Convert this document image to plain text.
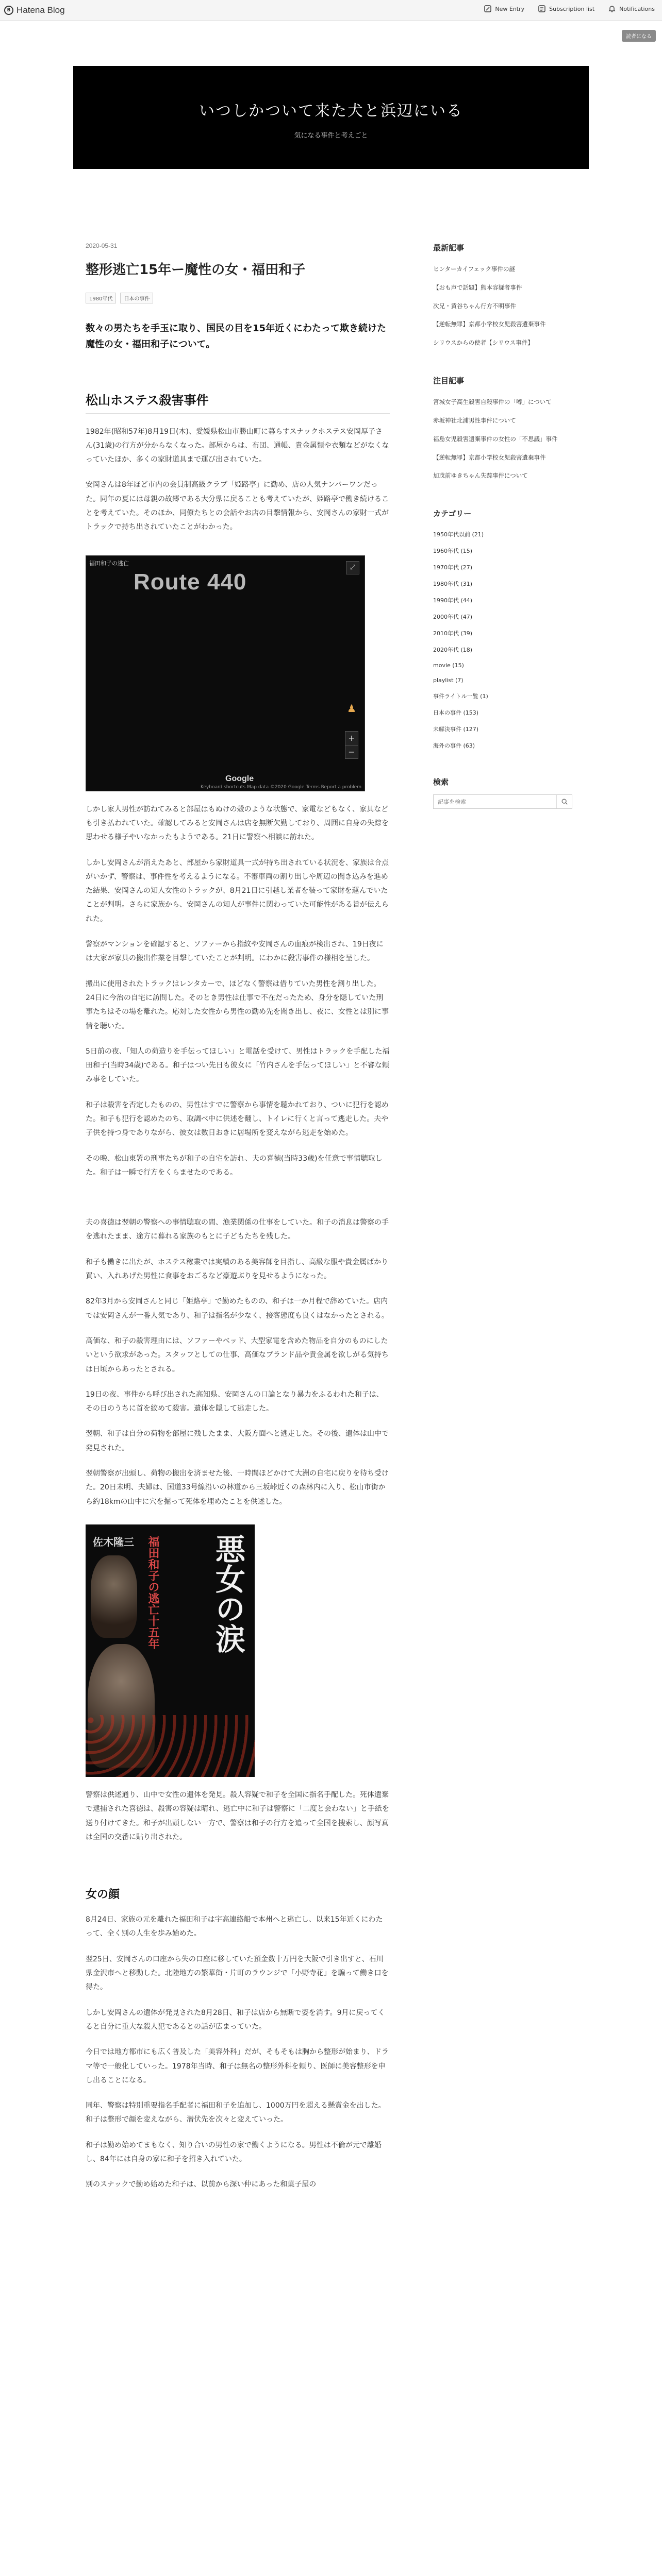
B Hatena Blog	New Entry	Subscription list	Notifications
読者になる
いつしかついて来た犬と浜辺にいる
気になる事件と考えごと
2020-05-31
整形逃亡15年ー魔性の女・福田和子
1980年代	日本の事件
数々の男たちを手玉に取り、国民の目を15年近くにわたって欺き続けた魔性の女・福田和子について。
松山ホステス殺害事件

1982年(昭和57年)8月19日(木)、愛媛県松山市勝山町に暮らすスナックホステス安岡厚子さん(31歳)の行方が分からなくなった。部屋からは、布団、通帳、貴金属類や衣類などがなくなっていたほか、多くの家財道具まで運び出されていた。

安岡さんは8年ほど市内の会員制高級クラブ「姫路亭」に勤め、店の人気ナンバーワンだった。同年の夏には母親の故郷である大分県に戻ることも考えていたが、姫路亭で働き続けることを考えていた。そのほか、同僚たちとの会話やお店の目撃情報から、安岡さんの家財一式がトラックで持ち出されていたことがわかった。

福田和子の逃亡
Route 440
⤢
♟
+
−
Google
Keyboard shortcuts Map data ©2020 Google Terms Report a problem

しかし家人男性が訪ねてみると部屋はもぬけの殻のような状態で、家電などもなく、家具なども引き払われていた。確認してみると安岡さんは店を無断欠勤しており、周囲に自身の失踪を思わせる様子やいなかったもようである。21日に警察へ相談に訪れた。

しかし安岡さんが消えたあと、部屋から家財道具一式が持ち出されている状況を、家族は合点がいかず、警察は、事件性を考えるようになる。不審車両の割り出しや周辺の聞き込みを進めた結果、安岡さんの知人女性のトラックが、8月21日に引越し業者を装って家財を運んでいたことが判明。さらに家族から、安岡さんの知人が事件に関わっていた可能性がある旨が伝えられた。

警察がマンションを確認すると、ソファーから指紋や安岡さんの血痕が検出され、19日夜には大家が家具の搬出作業を目撃していたことが判明。にわかに殺害事件の様相を呈した。

搬出に使用されたトラックはレンタカーで、ほどなく警察は借りていた男性を割り出した。24日に今治の自宅に訪問した。そのとき男性は仕事で不在だったため、身分を隠していた刑事たちはその場を離れた。応対した女性から男性の勤め先を聞き出し、夜に、女性とは別に事情を聴いた。

5日前の夜、「知人の荷造りを手伝ってほしい」と電話を受けて、男性はトラックを手配した福田和子(当時34歳)である。和子はつい先日も彼女に「竹内さんを手伝ってほしい」と不審な頼み事をしていた。

和子は殺害を否定したものの、男性はすでに警察から事情を聴かれており、ついに犯行を認めた。和子も犯行を認めたのち、取調べ中に供述を翻し、トイレに行くと言って逃走した。夫や子供を持つ身でありながら、彼女は数日おきに居場所を変えながら逃走を始めた。

その晩、松山東署の刑事たちが和子の自宅を訪れ、夫の喜徳(当時33歳)を任意で事情聴取した。和子は一瞬で行方をくらませたのである。

夫の喜徳は翌朝の警察への事情聴取の間、漁業関係の仕事をしていた。和子の消息は警察の手を逃れたまま、途方に暮れる家族のもとに子どもたちを残した。

和子も働きに出たが、ホステス稼業では実績のある美容師を目指し、高級な服や貴金属ばかり買い、入れあげた男性に食事をおごるなど豪遊ぶりを見せるようになった。

82年3月から安岡さんと同じ「姫路亭」で勤めたものの、和子は一か月程で辞めていた。店内では安岡さんが一番人気であり、和子は指名が少なく、接客態度も良くはなかったとされる。

高価な、和子の殺害理由には、ソファーやベッド、大型家電を含めた物品を自分のものにしたいという欲求があった。スタッフとしての仕事、高価なブランド品や貴金属を欲しがる気持ちは日頃からあったとされる。

19日の夜、事件から呼び出された高知県、安岡さんの口論となり暴力をふるわれた和子は、その日のうちに首を絞めて殺害。遺体を隠して逃走した。

翌朝、和子は自分の荷物を部屋に残したまま、大阪方面へと逃走した。その後、遺体は山中で発見された。

翌朝警察が出頭し、荷物の搬出を済ませた後、一時間ほどかけて大洲の自宅に戻りを待ち受けた。20日未明、夫婦は、国道33号線沿いの林道から三坂峠近くの森林内に入り、松山市街から約18kmの山中に穴を掘って死体を埋めたことを供述した。

佐木隆三 福田和子の逃亡十五年 悪女の涙

警察は供述通り、山中で女性の遺体を発見。殺人容疑で和子を全国に指名手配した。死体遺棄で逮捕された喜徳は、殺害の容疑は晴れ、逃亡中に和子は警察に「二度と会わない」と手紙を送り付けてきた。和子が出頭しない一方で、警察は和子の行方を追って全国を捜索し、顔写真は全国の交番に貼り出された。

女の顔

8月24日、家族の元を離れた福田和子は宇高連絡船で本州へと逃亡し、以来15年近くにわたって、全く別の人生を歩み始めた。

翌25日、安岡さんの口座から失の口座に移していた預金数十万円を大阪で引き出すと、石川県金沢市へと移動した。北陸地方の繁華街・片町のラウンジで「小野寺花」を騙って働き口を得た。

しかし安岡さんの遺体が発見された8月28日、和子は店から無断で姿を消す。9月に戻ってくると自分に重大な殺人犯であるとの話が広まっていた。

今日では地方都市にも広く普及した「美容外科」だが、そもそもは胸から整形が始まり、ドラマ等で一般化していった。1978年当時、和子は無名の整形外科を頼り、医師に美容整形を申し出ることになる。

同年、警察は特別重要指名手配者に福田和子を追加し、1000万円を超える懸賞金を出した。和子は整形で顔を変えながら、潜伏先を次々と変えていった。

和子は勤め始めてまもなく、知り合いの男性の家で働くようになる。男性は不倫が元で離婚し、84年には自身の家に和子を招き入れていた。

別のスナックで勤め始めた和子は、以前から深い仲にあった和菓子屋の

最新記事
ヒンターカイフェック事件の謎
【おも声で話題】熊本容疑者事件
次兄・黄谷ちゃん行方不明事件
【逆転無罪】京都小学校女児殺害遺棄事件
シリウスからの使者【シリウス事件】
注目記事
宮城女子高生殺害自殺事件の「噂」について
赤坂神社北浦男性事件について
福島女児殺害遺棄事件の女性の「不思議」事件
【逆転無罪】京都小学校女児殺害遺棄事件
加茂前ゆきちゃん失踪事件について
カテゴリー
1950年代以前 (21)
1960年代 (15)
1970年代 (27)
1980年代 (31)
1990年代 (44)
2000年代 (47)
2010年代 (39)
2020年代 (18)
movie (15)
playlist (7)
事件ライトル一覧 (1)
日本の事件 (153)
未解決事件 (127)
海外の事件 (63)
検索
記事を検索
